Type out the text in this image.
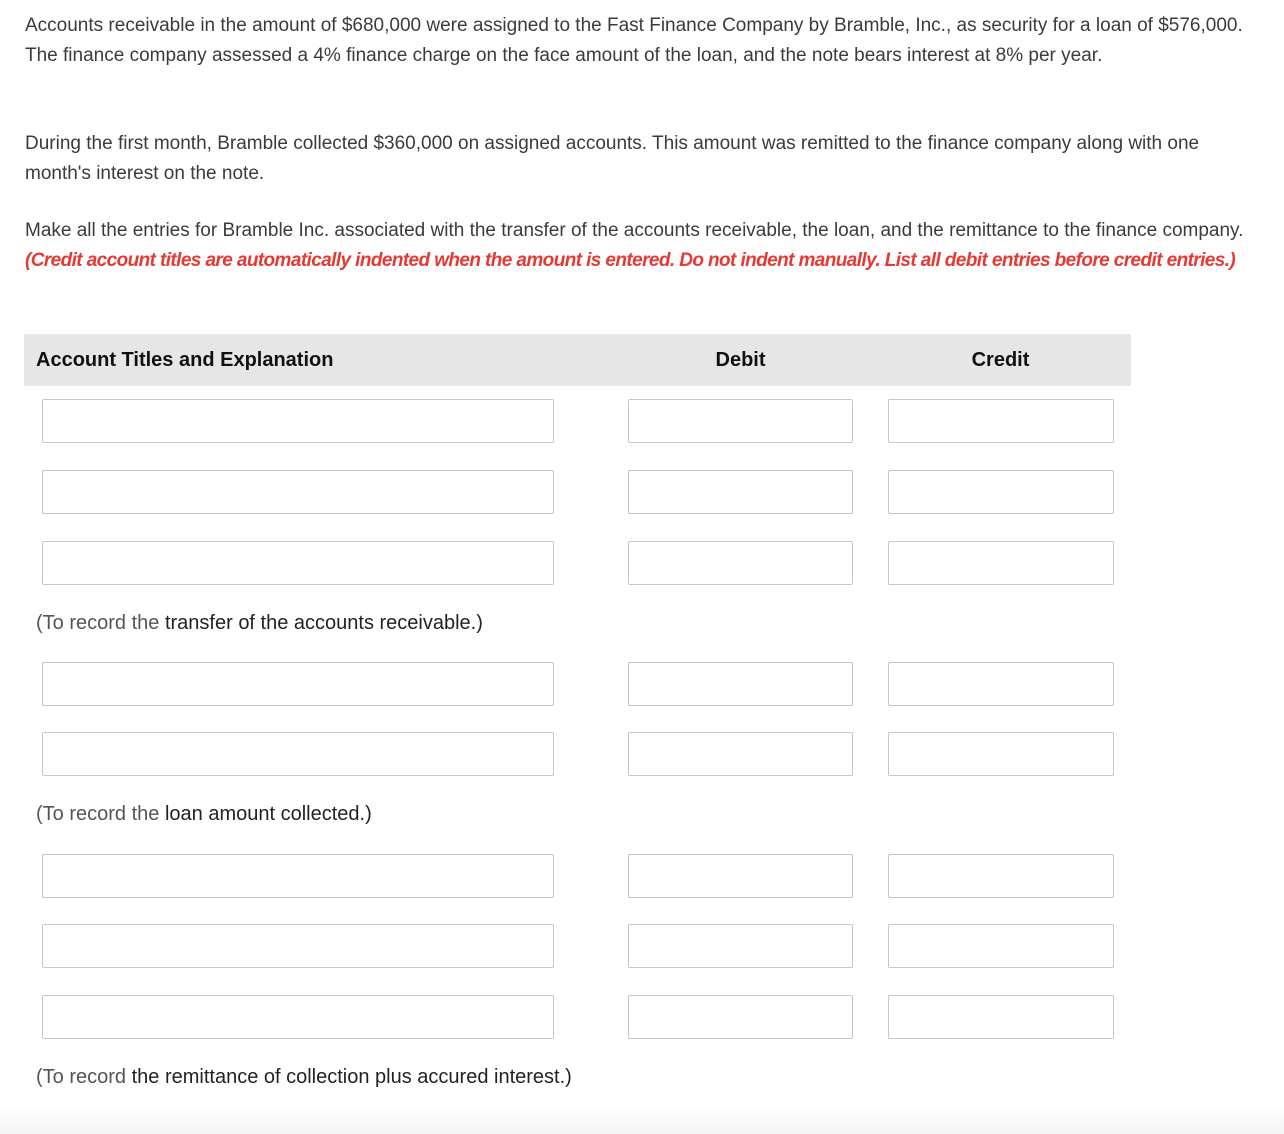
Accounts receivable in the amount of $680,000 were assigned to the Fast Finance Company by Bramble, Inc., as security for a loan of $576,000. The finance company assessed a 4% finance charge on the face amount of the loan, and the note bears interest at 8% per year.

During the first month, Bramble collected $360,000 on assigned accounts. This amount was remitted to the finance company along with one month's interest on the note.

Make all the entries for Bramble Inc. associated with the transfer of the accounts receivable, the loan, and the remittance to the finance company. (Credit account titles are automatically indented when the amount is entered. Do not indent manually. List all debit entries before credit entries.)

Account Titles and Explanation	Debit	Credit
(To record the transfer of the accounts receivable.)
(To record the loan amount collected.)
(To record the remittance of collection plus accured interest.)
